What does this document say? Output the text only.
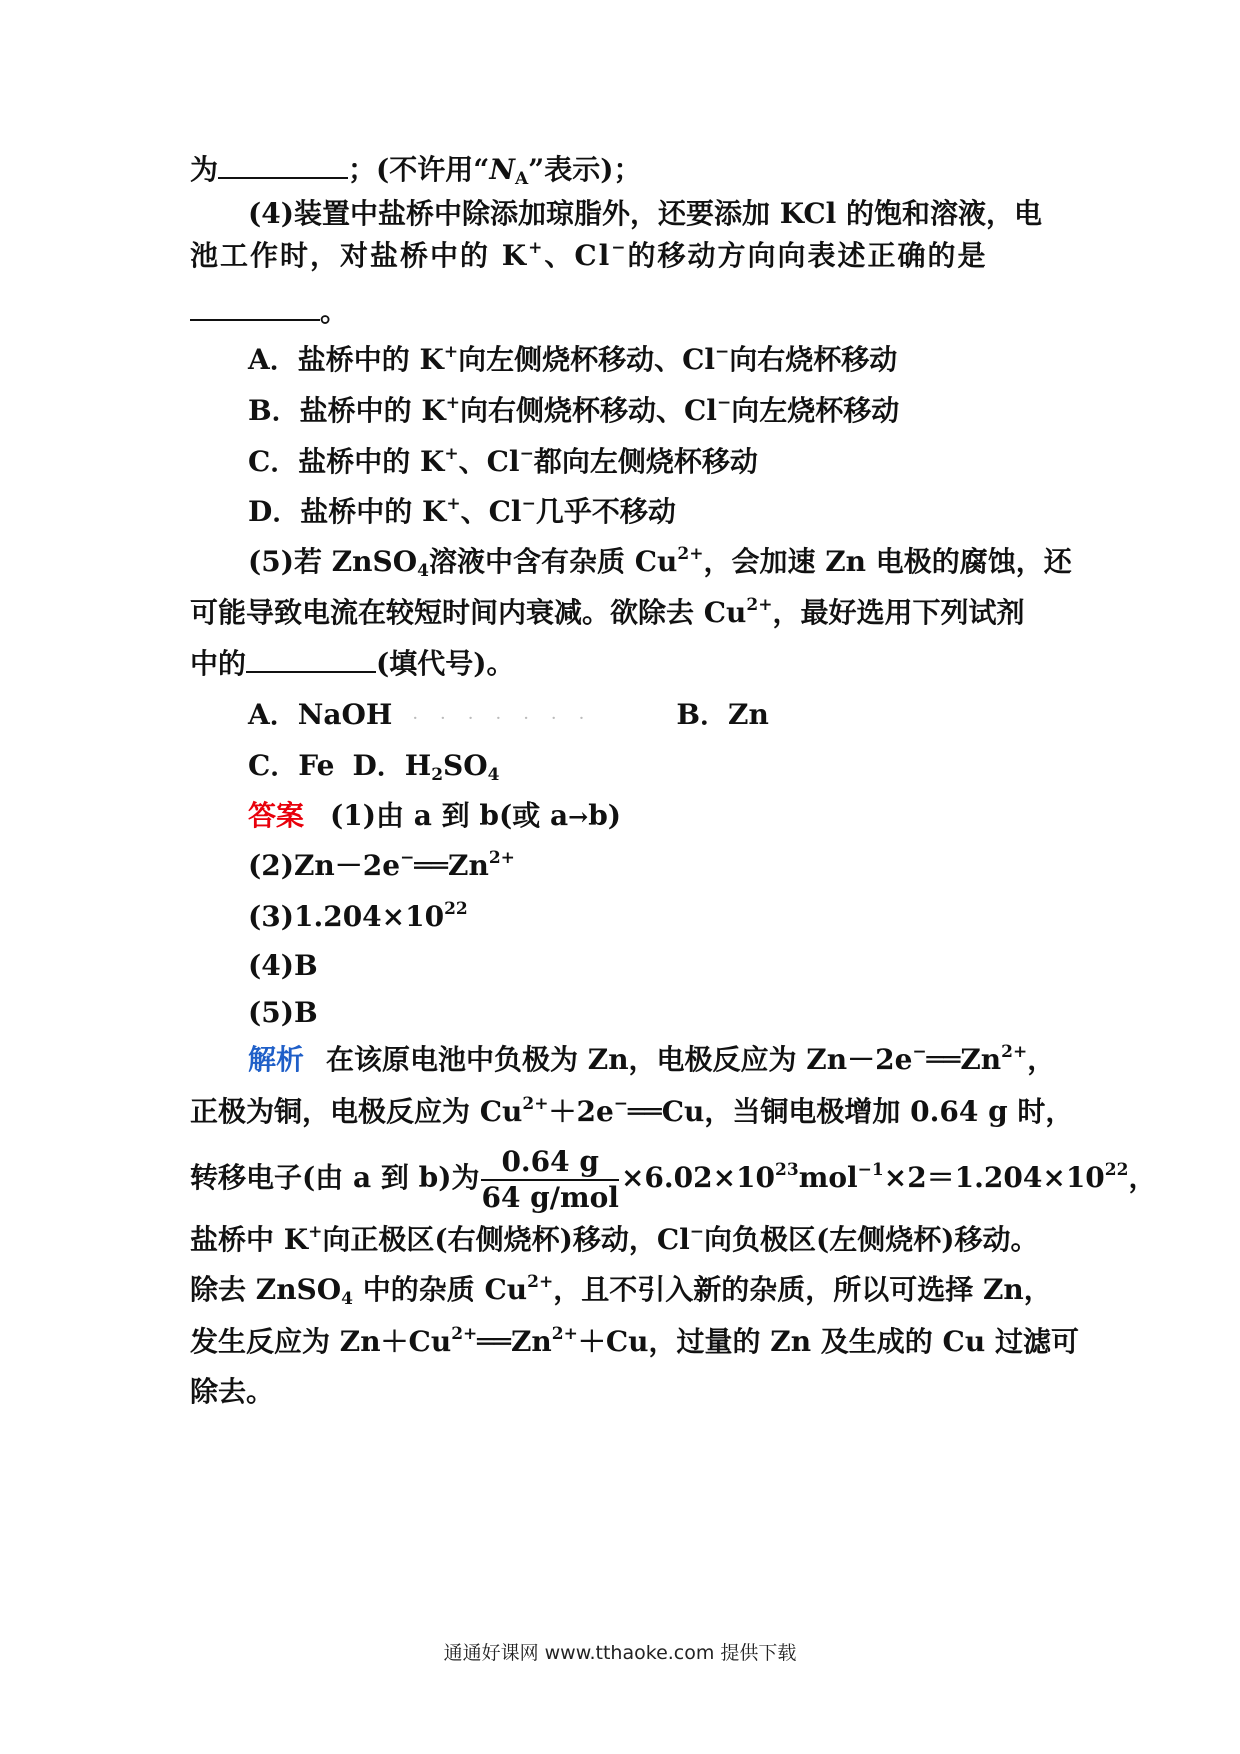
为	；(不许用“$N_A$”表示)；
(4)装置中盐桥中除添加琼脂外，还要添加 KCl 的饱和溶液，电
池工作时，对盐桥中的 K+、Cl−的移动方向向表述正确的是
。
A．盐桥中的 K+向左侧烧杯移动、Cl−向右烧杯移动
B．盐桥中的 K+向右侧烧杯移动、Cl−向左烧杯移动
C．盐桥中的 K+、Cl−都向左侧烧杯移动
D．盐桥中的 K+、Cl−几乎不移动
(5)若 ZnSO$_4$溶液中含有杂质 $Cu^{2+}$，会加速 Zn 电极的腐蚀，还
可能导致电流在较短时间内衰减。欲除去 $Cu^{2+}$，最好选用下列试剂
中的	(填代号)。
A．NaOH ·······	B．Zn
C．Fe D．$H_2SO_4$
答案 (1)由 a 到 b(或 a→b)
$(2)Zn-2e^-══Zn^{2+}$
$(3)1.204\times 10^{22}$
(4)B
(5)B
解析 在该原电池中负极为 Zn，电极反应为 $Zn-2e^-══Zn^{2+}$，
正极为铜，电极反应为 $Cu^{2+}+2e^-══Cu$，当铜电极增加 0.64 g 时，
转移电子(由 a 到 b)为 $\frac{0.64 g}{\text{64 g/mol}} \times 6.02\times 10^{23}mol^{-1}\times 2=1.204\times 10^{22}$，
盐桥中 K+向正极区(右侧烧杯)移动，Cl−向负极区(左侧烧杯)移动。
除去 ZnSO$_4$ 中的杂质 $Cu^{2+}$，且不引入新的杂质，所以可选择 Zn，
发生反应为 $Zn+Cu^{2+}══Zn^{2+}+Cu$，过量的 Zn 及生成的 Cu 过滤可
除去。
通通好课网 www.tthaoke.com 提供下载
